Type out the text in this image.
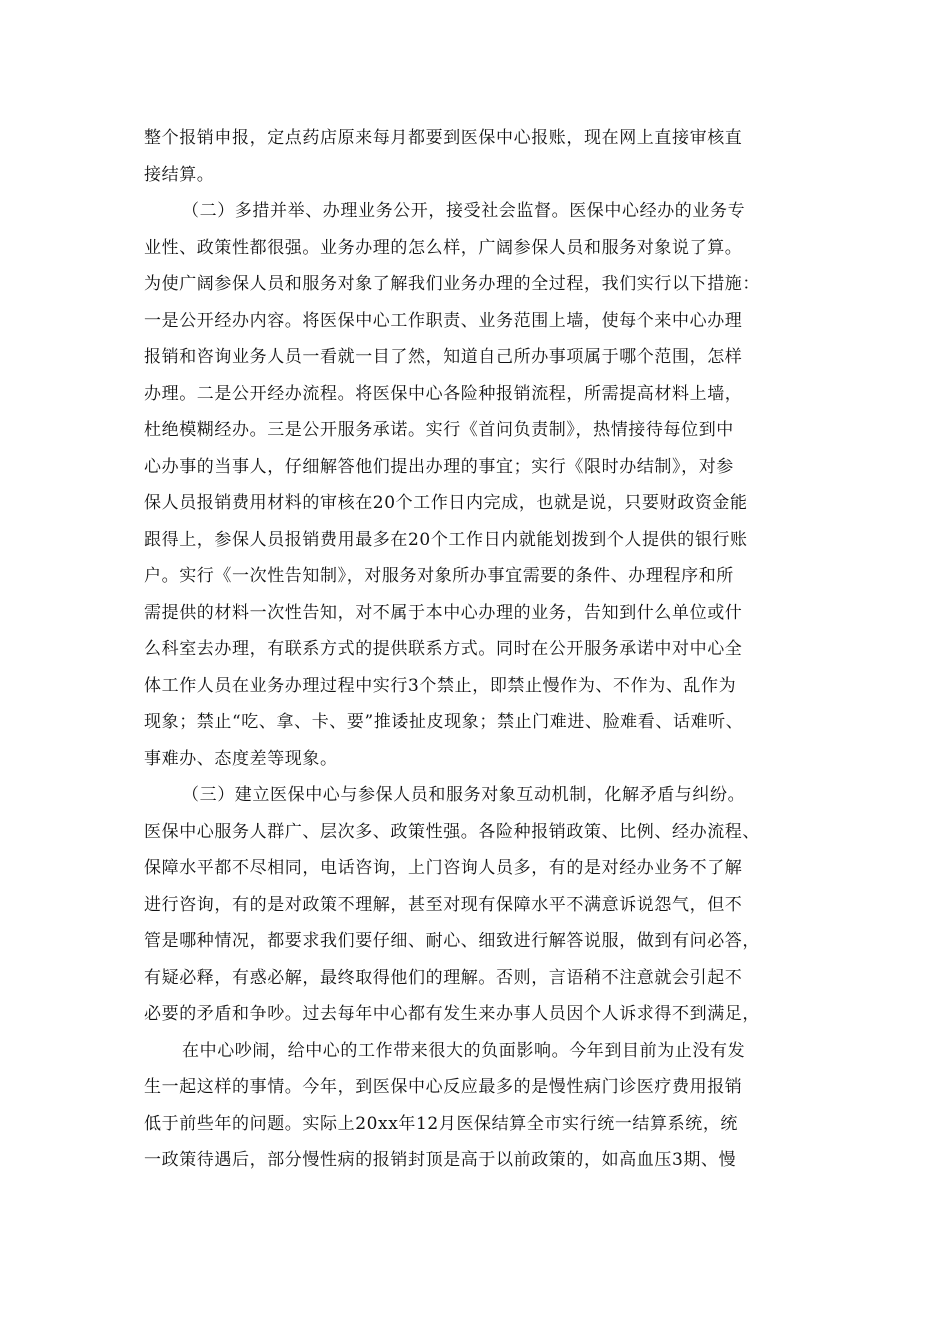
整个报销申报，定点药店原来每月都要到医保中心报账，现在网上直接审核直
接结算。
（二）多措并举、办理业务公开，接受社会监督。医保中心经办的业务专
业性、政策性都很强。业务办理的怎么样，广阔参保人员和服务对象说了算。
为使广阔参保人员和服务对象了解我们业务办理的全过程，我们实行以下措施：
一是公开经办内容。将医保中心工作职责、业务范围上墙，使每个来中心办理
报销和咨询业务人员一看就一目了然，知道自己所办事项属于哪个范围，怎样
办理。二是公开经办流程。将医保中心各险种报销流程，所需提高材料上墙，
杜绝模糊经办。三是公开服务承诺。实行《首问负责制》，热情接待每位到中
心办事的当事人，仔细解答他们提出办理的事宜；实行《限时办结制》，对参
保人员报销费用材料的审核在20个工作日内完成，也就是说，只要财政资金能
跟得上，参保人员报销费用最多在20个工作日内就能划拨到个人提供的银行账
户。实行《一次性告知制》，对服务对象所办事宜需要的条件、办理程序和所
需提供的材料一次性告知，对不属于本中心办理的业务，告知到什么单位或什
么科室去办理，有联系方式的提供联系方式。同时在公开服务承诺中对中心全
体工作人员在业务办理过程中实行3个禁止，即禁止慢作为、不作为、乱作为
现象；禁止“吃、拿、卡、要”推诿扯皮现象；禁止门难进、脸难看、话难听、
事难办、态度差等现象。
（三）建立医保中心与参保人员和服务对象互动机制，化解矛盾与纠纷。
医保中心服务人群广、层次多、政策性强。各险种报销政策、比例、经办流程、
保障水平都不尽相同，电话咨询，上门咨询人员多，有的是对经办业务不了解
进行咨询，有的是对政策不理解，甚至对现有保障水平不满意诉说怨气，但不
管是哪种情况，都要求我们要仔细、耐心、细致进行解答说服，做到有问必答，
有疑必释，有惑必解，最终取得他们的理解。否则，言语稍不注意就会引起不
必要的矛盾和争吵。过去每年中心都有发生来办事人员因个人诉求得不到满足，
在中心吵闹，给中心的工作带来很大的负面影响。今年到目前为止没有发
生一起这样的事情。今年，到医保中心反应最多的是慢性病门诊医疗费用报销
低于前些年的问题。实际上20xx年12月医保结算全市实行统一结算系统，统
一政策待遇后，部分慢性病的报销封顶是高于以前政策的，如高血压3期、慢
